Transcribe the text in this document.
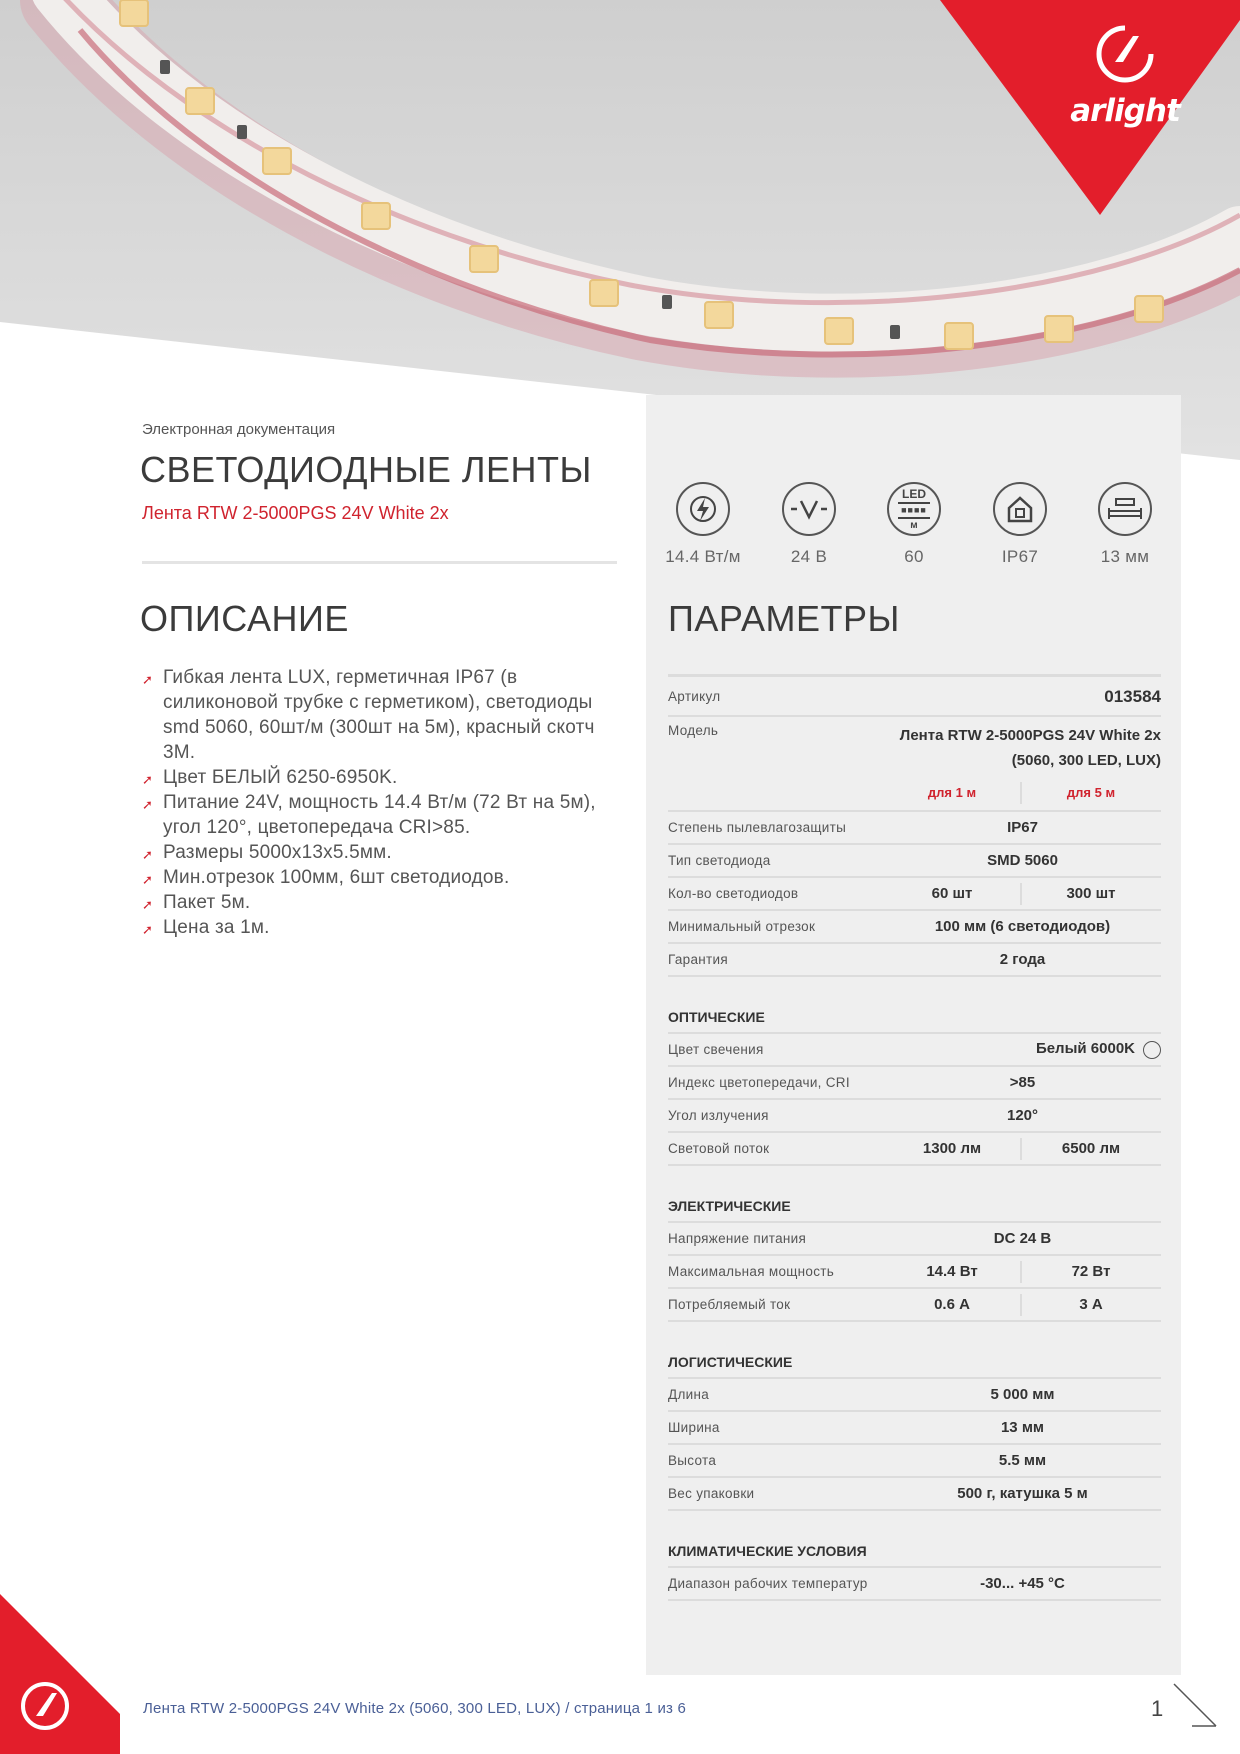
arlight
Электронная документация
СВЕТОДИОДНЫЕ ЛЕНТЫ
Лента RTW 2-5000PGS 24V White 2x
14.4 Вт/м	24 В
LED
■■■■
м
60	IP67	13 мм
ОПИСАНИЕ
➚ Гибкая лента LUX, герметичная IP67 (в силиконовой трубке с герметиком), светодиоды smd 5060, 60шт/м (300шт на 5м), красный скотч 3М.
➚ Цвет БЕЛЫЙ 6250-6950K.
➚ Питание 24V, мощность 14.4 Вт/м (72 Вт на 5м), угол 120°, цветопередача CRI>85.
➚ Размеры 5000x13x5.5мм.
➚ Мин.отрезок 100мм, 6шт светодиодов.
➚ Пакет 5м.
➚ Цена за 1м.
ПАРАМЕТРЫ
Артикул	013584
Модель	Лента RTW 2-5000PGS 24V White 2x
(5060, 300 LED, LUX)
для 1 м	для 5 м
Степень пылевлагозащиты	IP67
Тип светодиода	SMD 5060
Кол-во светодиодов	60 шт	300 шт
Минимальный отрезок	100 мм (6 светодиодов)
Гарантия	2 года
ОПТИЧЕСКИЕ
Цвет свечения	Белый 6000K
Индекс цветопередачи, CRI	>85
Угол излучения	120°
Световой поток	1300 лм	6500 лм
ЭЛЕКТРИЧЕСКИЕ
Напряжение питания	DC 24 В
Максимальная мощность	14.4 Вт	72 Вт
Потребляемый ток	0.6 А	3 А
ЛОГИСТИЧЕСКИЕ
Длина	5 000 мм
Ширина	13 мм
Высота	5.5 мм
Вес упаковки	500 г, катушка 5 м
КЛИМАТИЧЕСКИЕ УСЛОВИЯ
Диапазон рабочих температур	-30... +45 °C
Лента RTW 2-5000PGS 24V White 2x (5060, 300 LED, LUX) / страница 1 из 6	1
